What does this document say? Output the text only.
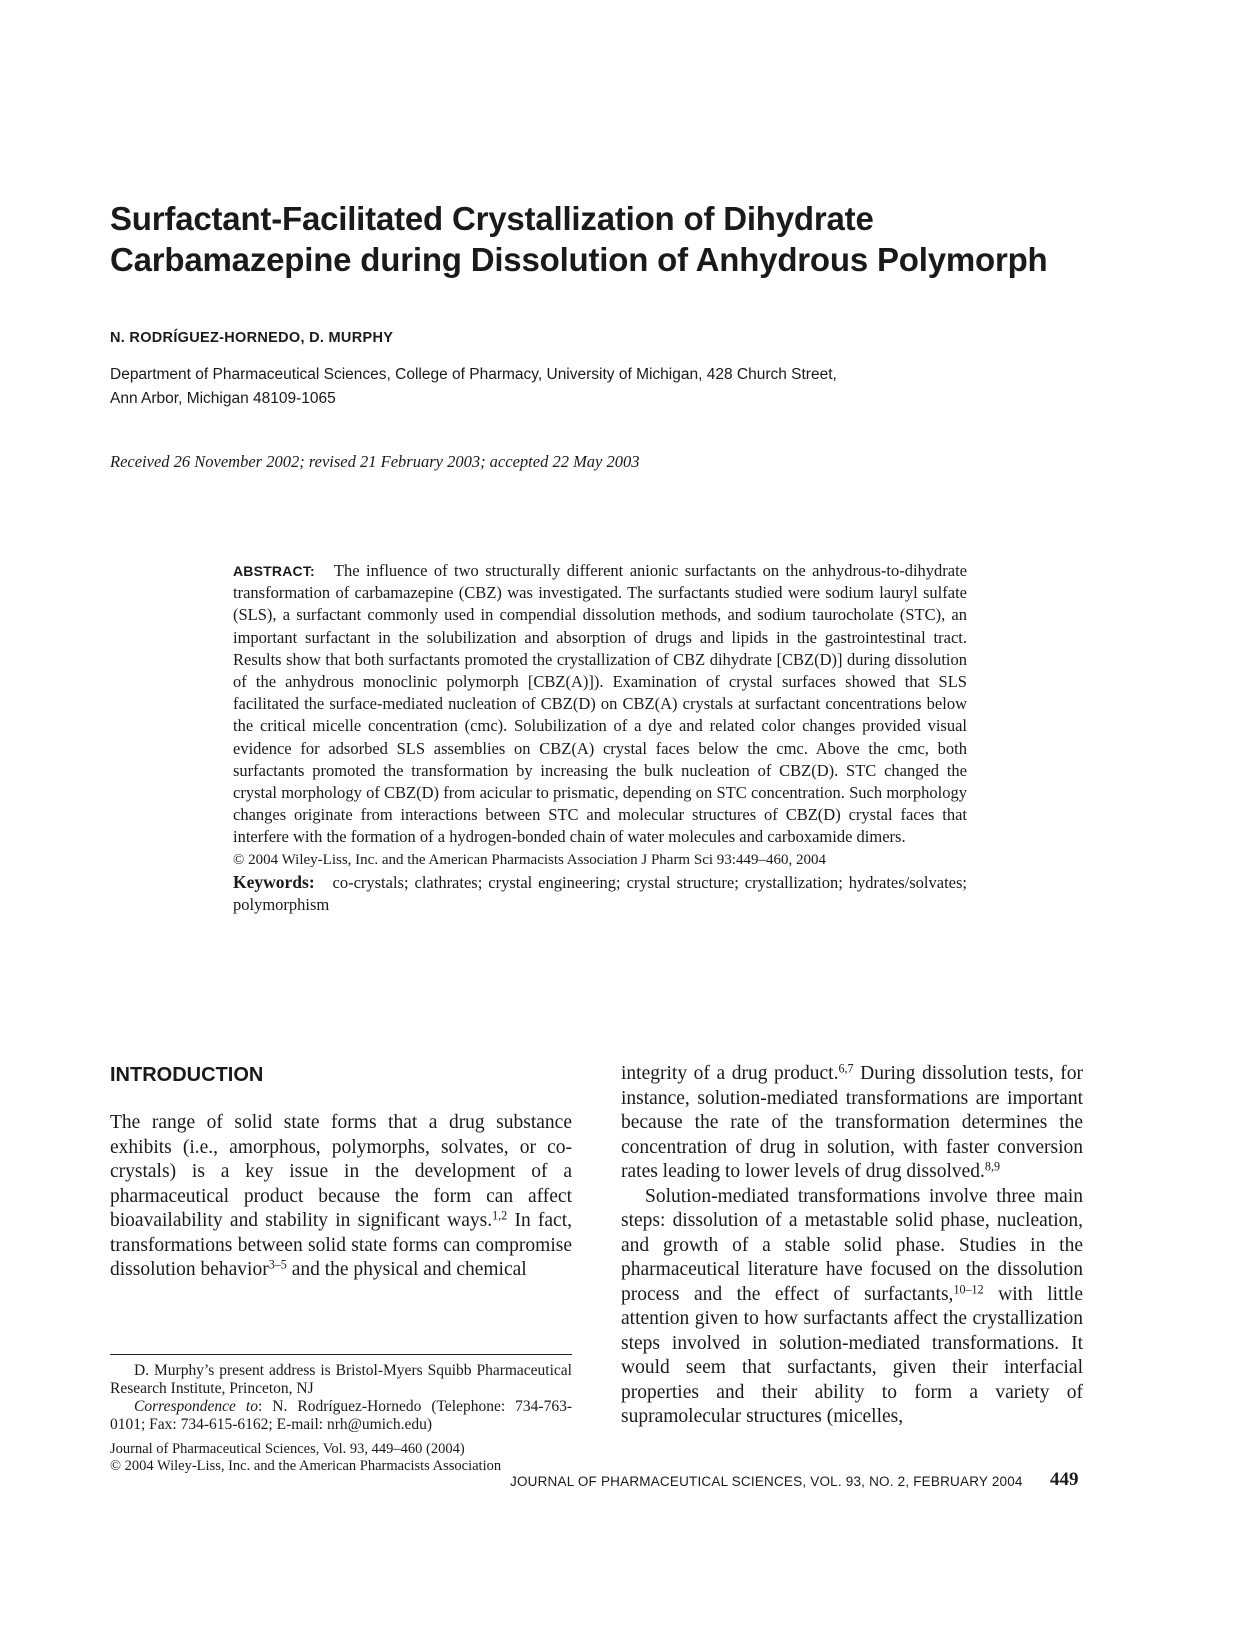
Surfactant-Facilitated Crystallization of Dihydrate
Carbamazepine during Dissolution of Anhydrous Polymorph

N. RODRÍGUEZ-HORNEDO, D. MURPHY

Department of Pharmaceutical Sciences, College of Pharmacy, University of Michigan, 428 Church Street,
Ann Arbor, Michigan 48109-1065

Received 26 November 2002; revised 21 February 2003; accepted 22 May 2003

ABSTRACT: The influence of two structurally different anionic surfactants on the anhydrous-to-dihydrate transformation of carbamazepine (CBZ) was investigated. The surfactants studied were sodium lauryl sulfate (SLS), a surfactant commonly used in compendial dissolution methods, and sodium taurocholate (STC), an important surfactant in the solubilization and absorption of drugs and lipids in the gastrointestinal tract. Results show that both surfactants promoted the crystallization of CBZ dihydrate [CBZ(D)] during dissolution of the anhydrous monoclinic polymorph [CBZ(A)]). Examination of crystal surfaces showed that SLS facilitated the surface-mediated nucleation of CBZ(D) on CBZ(A) crystals at surfactant concentrations below the critical micelle concentration (cmc). Solubilization of a dye and related color changes provided visual evidence for adsorbed SLS assemblies on CBZ(A) crystal faces below the cmc. Above the cmc, both surfactants promoted the transformation by increasing the bulk nucleation of CBZ(D). STC changed the crystal morphology of CBZ(D) from acicular to prismatic, depending on STC concentration. Such morphology changes originate from interactions between STC and molecular structures of CBZ(D) crystal faces that interfere with the formation of a hydrogen-bonded chain of water molecules and carboxamide dimers.

© 2004 Wiley-Liss, Inc. and the American Pharmacists Association J Pharm Sci 93:449–460, 2004

Keywords: co-crystals; clathrates; crystal engineering; crystal structure; crystallization; hydrates/solvates; polymorphism

INTRODUCTION

The range of solid state forms that a drug substance exhibits (i.e., amorphous, polymorphs, solvates, or co-crystals) is a key issue in the development of a pharmaceutical product because the form can affect bioavailability and stability in significant ways.$^{1,2}$ In fact, transformations between solid state forms can compromise dissolution behavior$^{3-5}$ and the physical and chemical

integrity of a drug product.$^{6,7}$ During dissolution tests, for instance, solution-mediated transformations are important because the rate of the transformation determines the concentration of drug in solution, with faster conversion rates leading to lower levels of drug dissolved.$^{8,9}$

Solution-mediated transformations involve three main steps: dissolution of a metastable solid phase, nucleation, and growth of a stable solid phase. Studies in the pharmaceutical literature have focused on the dissolution process and the effect of surfactants,$^{10-12}$ with little attention given to how surfactants affect the crystallization steps involved in solution-mediated transformations. It would seem that surfactants, given their interfacial properties and their ability to form a variety of supramolecular structures (micelles,

D. Murphy’s present address is Bristol-Myers Squibb Pharmaceutical Research Institute, Princeton, NJ

Correspondence to: N. Rodríguez-Hornedo (Telephone: 734-763-0101; Fax: 734-615-6162; E-mail: nrh@umich.edu)

Journal of Pharmaceutical Sciences, Vol. 93, 449–460 (2004)
© 2004 Wiley-Liss, Inc. and the American Pharmacists Association

JOURNAL OF PHARMACEUTICAL SCIENCES, VOL. 93, NO. 2, FEBRUARY 2004 449
